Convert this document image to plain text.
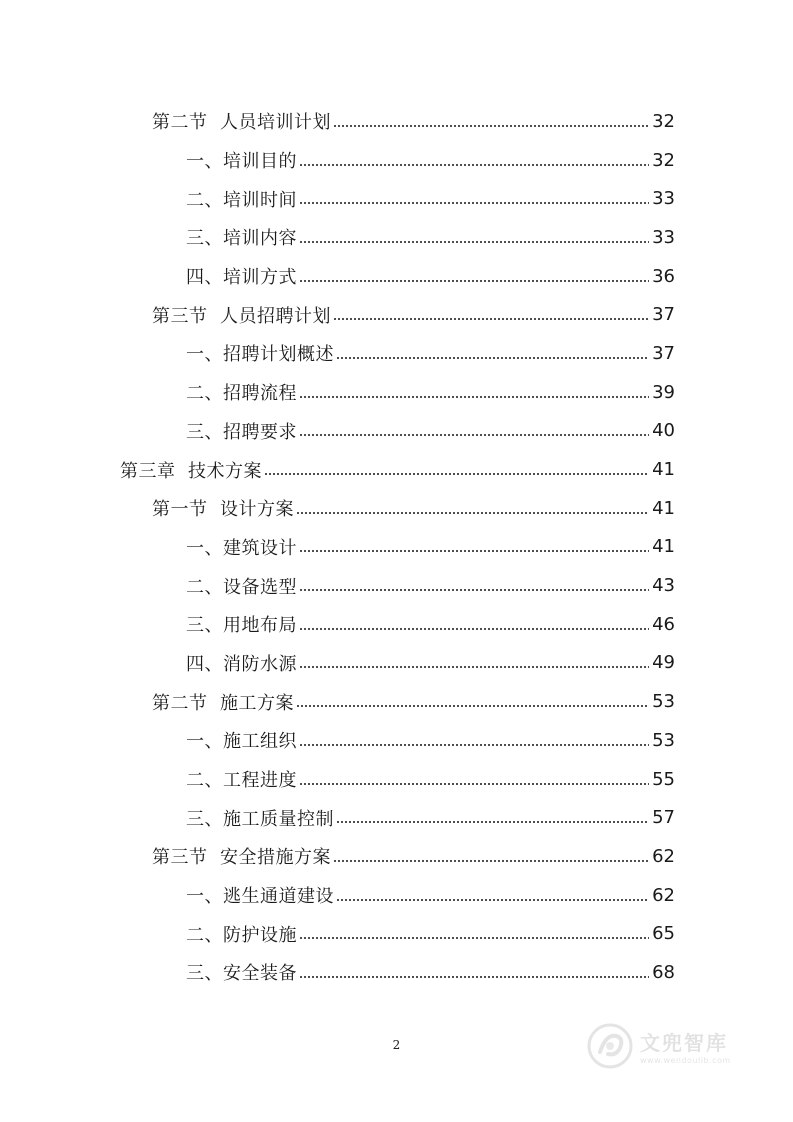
第二节  人员培训计划	32
一、培训目的	32
二、培训时间	33
三、培训内容	33
四、培训方式	36
第三节  人员招聘计划	37
一、招聘计划概述	37
二、招聘流程	39
三、招聘要求	40
第三章  技术方案	41
第一节  设计方案	41
一、建筑设计	41
二、设备选型	43
三、用地布局	46
四、消防水源	49
第二节  施工方案	53
一、施工组织	53
二、工程进度	55
三、施工质量控制	57
第三节  安全措施方案	62
一、逃生通道建设	62
二、防护设施	65
三、安全装备	68
2	文兜智库
www.wendoulib.com
